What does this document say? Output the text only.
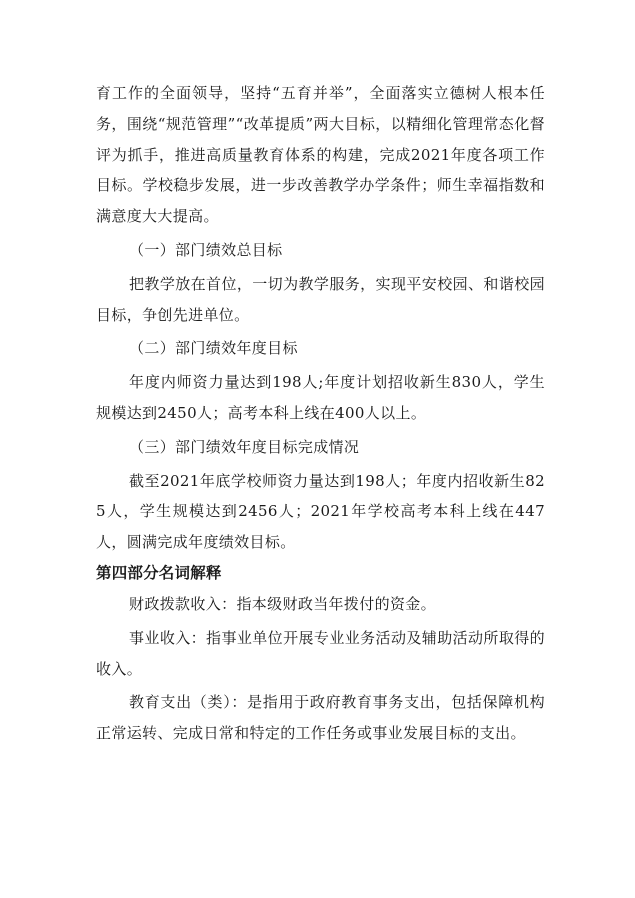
育工作的全面领导，坚持“五育并举”，全面落实立德树人根本任务，围绕“规范管理”“改革提质”两大目标，以精细化管理常态化督评为抓手，推进高质量教育体系的构建，完成2021年度各项工作目标。学校稳步发展，进一步改善教学办学条件；师生幸福指数和满意度大大提高。

（一）部门绩效总目标

把教学放在首位，一切为教学服务，实现平安校园、和谐校园目标，争创先进单位。

（二）部门绩效年度目标

年度内师资力量达到198人;年度计划招收新生830人，学生规模达到2450人；高考本科上线在400人以上。

（三）部门绩效年度目标完成情况

截至2021年底学校师资力量达到198人；年度内招收新生825人，学生规模达到2456人；2021年学校高考本科上线在447人，圆满完成年度绩效目标。

第四部分名词解释

财政拨款收入：指本级财政当年拨付的资金。

事业收入：指事业单位开展专业业务活动及辅助活动所取得的收入。

教育支出（类）：是指用于政府教育事务支出，包括保障机构正常运转、完成日常和特定的工作任务或事业发展目标的支出。
